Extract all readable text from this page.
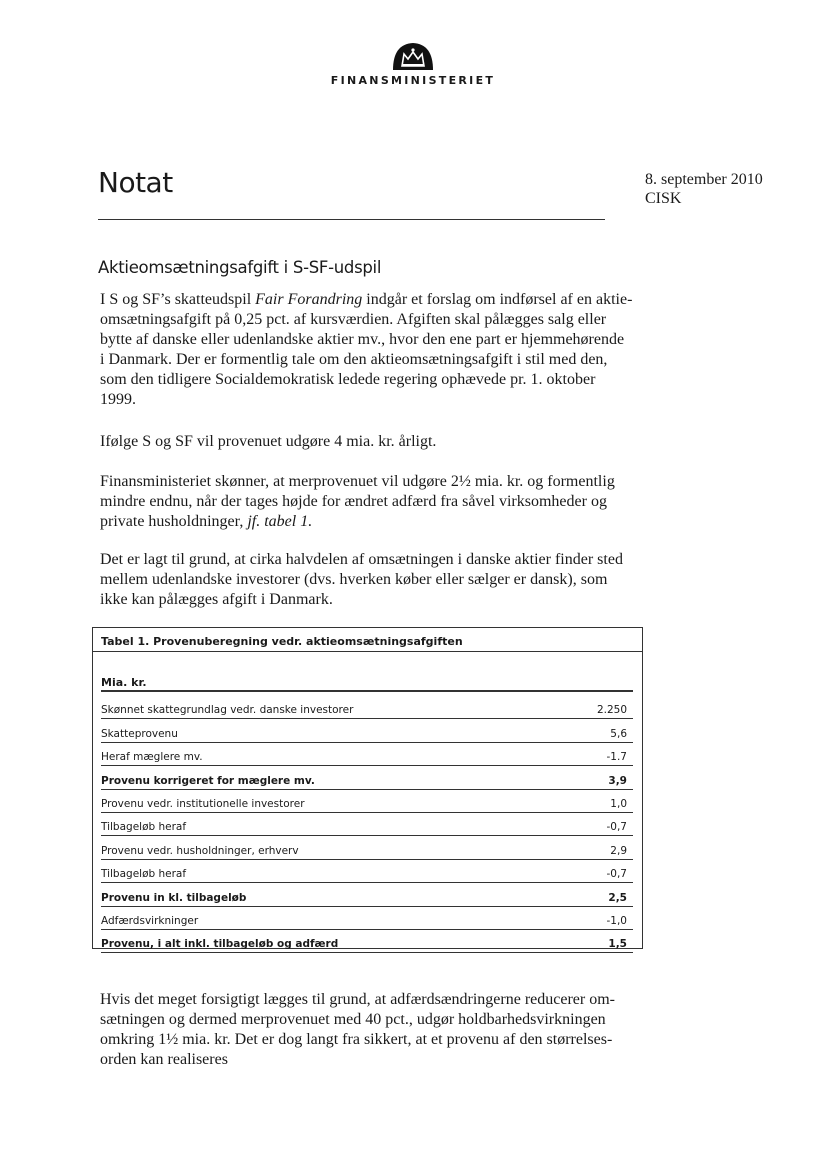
FINANSMINISTERIET
Notat	8. september 2010
CISK
Aktieomsætningsafgift i S-SF-udspil
I S og SF’s skatteudspil Fair Forandring indgår et forslag om indførsel af en aktie-
omsætningsafgift på 0,25 pct. af kursværdien. Afgiften skal pålægges salg eller
bytte af danske eller udenlandske aktier mv., hvor den ene part er hjemmehørende
i Danmark. Der er formentlig tale om den aktieomsætningsafgift i stil med den,
som den tidligere Socialdemokratisk ledede regering ophævede pr. 1. oktober
1999.
Ifølge S og SF vil provenuet udgøre 4 mia. kr. årligt.
Finansministeriet skønner, at merprovenuet vil udgøre 2½ mia. kr. og formentlig
mindre endnu, når der tages højde for ændret adfærd fra såvel virksomheder og
private husholdninger, jf. tabel 1.
Det er lagt til grund, at cirka halvdelen af omsætningen i danske aktier finder sted
mellem udenlandske investorer (dvs. hverken køber eller sælger er dansk), som
ikke kan pålægges afgift i Danmark.
Tabel 1. Provenuberegning vedr. aktieomsætningsafgiften
Mia. kr.
Skønnet skattegrundlag vedr. danske investorer	2.250
Skatteprovenu	5,6
Heraf mæglere mv.	-1.7
Provenu korrigeret for mæglere mv.	3,9
Provenu vedr. institutionelle investorer	1,0
Tilbageløb heraf	-0,7
Provenu vedr. husholdninger, erhverv	2,9
Tilbageløb heraf	-0,7
Provenu in kl. tilbageløb	2,5
Adfærdsvirkninger	-1,0
Provenu, i alt inkl. tilbageløb og adfærd	1,5
Hvis det meget forsigtigt lægges til grund, at adfærdsændringerne reducerer om-
sætningen og dermed merprovenuet med 40 pct., udgør holdbarhedsvirkningen
omkring 1½ mia. kr. Det er dog langt fra sikkert, at et provenu af den størrelses-
orden kan realiseres
